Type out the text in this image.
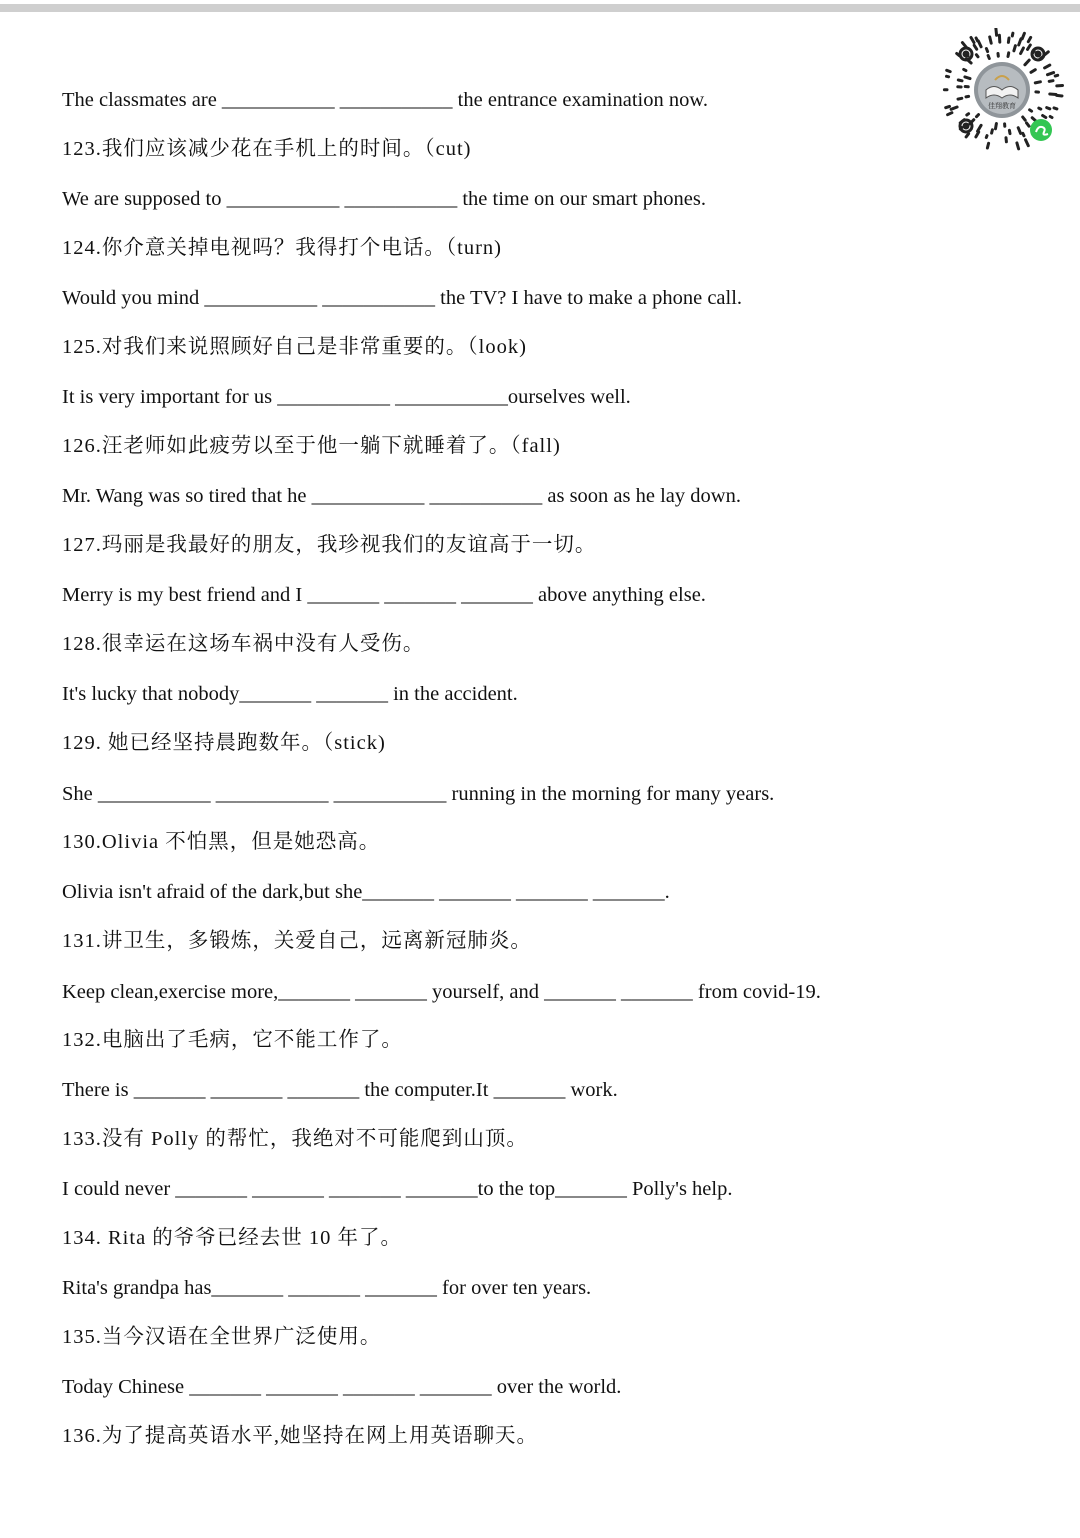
The classmates are ___________ ___________ the entrance examination now.
123.我们应该减少花在手机上的时间。（cut)
We are supposed to ___________ ___________ the time on our smart phones.
124.你介意关掉电视吗？我得打个电话。（turn)
Would you mind ___________ ___________ the TV? I have to make a phone call.
125.对我们来说照顾好自己是非常重要的。（look)
It is very important for us ___________ ___________ourselves well.
126.汪老师如此疲劳以至于他一躺下就睡着了。（fall)
Mr. Wang was so tired that he ___________ ___________ as soon as he lay down.
127.玛丽是我最好的朋友，我珍视我们的友谊高于一切。
Merry is my best friend and I _______ _______ _______ above anything else.
128.很幸运在这场车祸中没有人受伤。
It's lucky that nobody_______ _______ in the accident.
129. 她已经坚持晨跑数年。（stick)
She ___________ ___________ ___________ running in the morning for many years.
130.Olivia 不怕黑，但是她恐高。
Olivia isn't afraid of the dark,but she_______ _______ _______ _______.
131.讲卫生，多锻炼，关爱自己，远离新冠肺炎。
Keep clean,exercise more,_______ _______ yourself, and _______ _______ from covid-19.
132.电脑出了毛病，它不能工作了。
There is _______ _______ _______ the computer.It _______ work.
133.没有 Polly 的帮忙，我绝对不可能爬到山顶。
I could never _______ _______ _______ _______to the top_______ Polly's help.
134. Rita 的爷爷已经去世 10 年了。
Rita's grandpa has_______ _______ _______ for over ten years.
135.当今汉语在全世界广泛使用。
Today Chinese _______ _______ _______ _______ over the world.
136.为了提高英语水平,她坚持在网上用英语聊天。
佳翔教育
